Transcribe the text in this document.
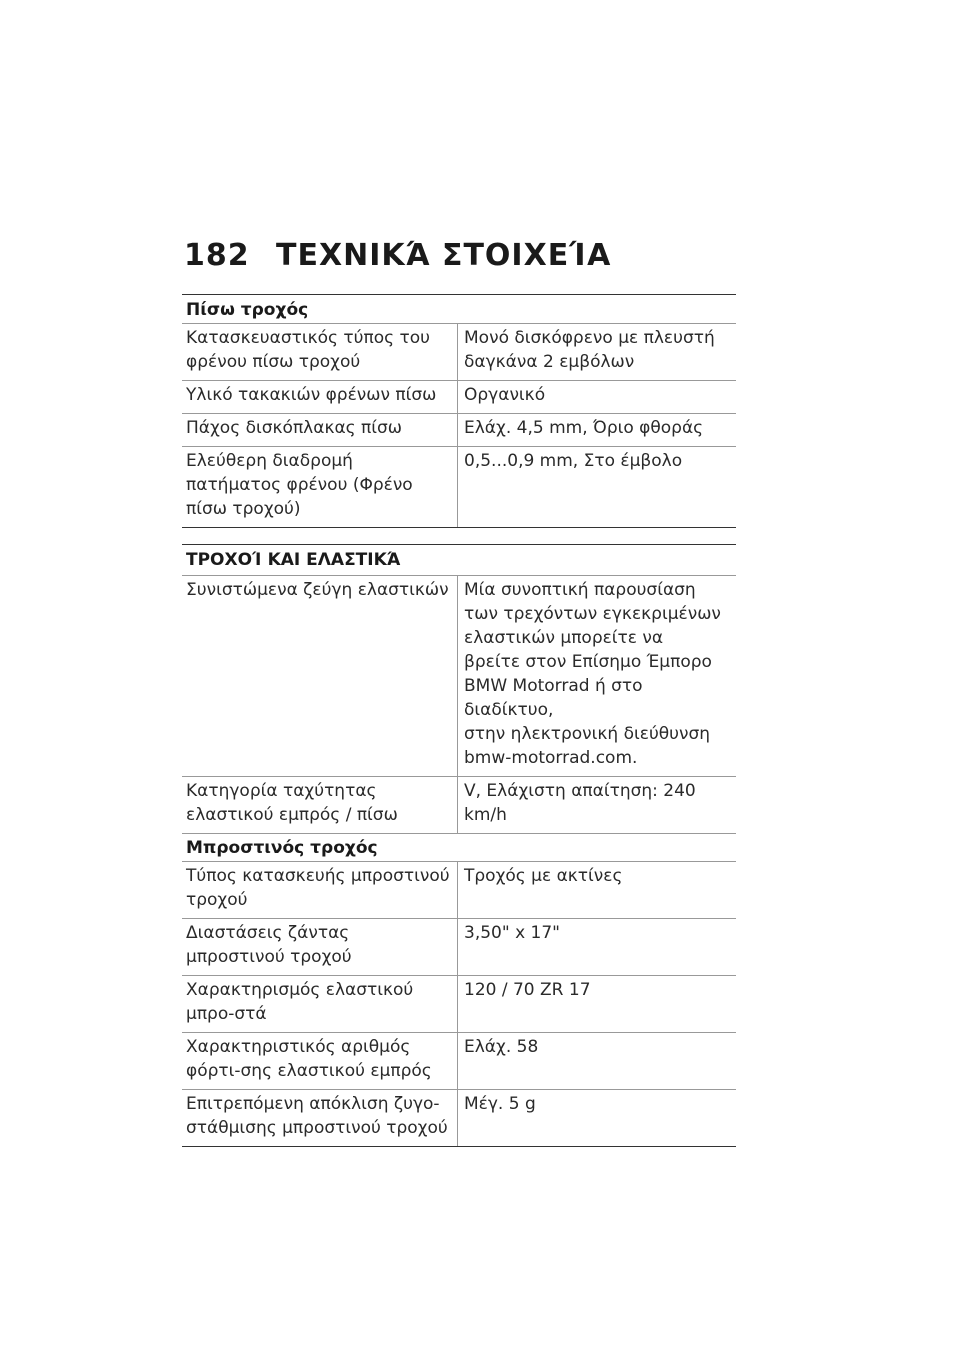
182 ΤΕΧΝΙΚΆ ΣΤΟΙΧΕΊΑ
Πίσω τροχός
Κατασκευαστικός τύπος του φρένου πίσω τροχού
Μονό δισκόφρενο με πλευστή δαγκάνα 2 εμβόλων
Υλικό τακακιών φρένων πίσω	Οργανικό
Πάχος δισκόπλακας πίσω	Ελάχ. 4,5 mm, Όριο φθοράς
Ελεύθερη διαδρομή πατήματος φρένου (Φρένο πίσω τροχού)
0,5...0,9 mm, Στο έμβολο
ΤΡΟΧΟΊ ΚΑΙ ΕΛΑΣΤΙΚΆ
Συνιστώμενα ζεύγη ελαστικών Μία συνοπτική παρουσίαση
των τρεχόντων εγκεκριμένων
ελαστικών μπορείτε να
βρείτε στον Επίσημο Έμπορο
BMW Motorrad ή στο διαδίκτυο,
στην ηλεκτρονική διεύθυνση
bmw-motorrad.com.
Κατηγορία ταχύτητας ελαστικού εμπρός / πίσω
V, Ελάχιστη απαίτηση: 240 km/h
Μπροστινός τροχός
Τύπος κατασκευής μπροστινού τροχού
Τροχός με ακτίνες
Διαστάσεις ζάντας μπροστινού τροχού
3,50" x 17"
Χαρακτηρισμός ελαστικού μπρο-στά
120 / 70 ZR 17
Χαρακτηριστικός αριθμός φόρτι-σης ελαστικού εμπρός
Ελάχ. 58
Επιτρεπόμενη απόκλιση ζυγο-στάθμισης μπροστινού τροχού
Μέγ. 5 g
